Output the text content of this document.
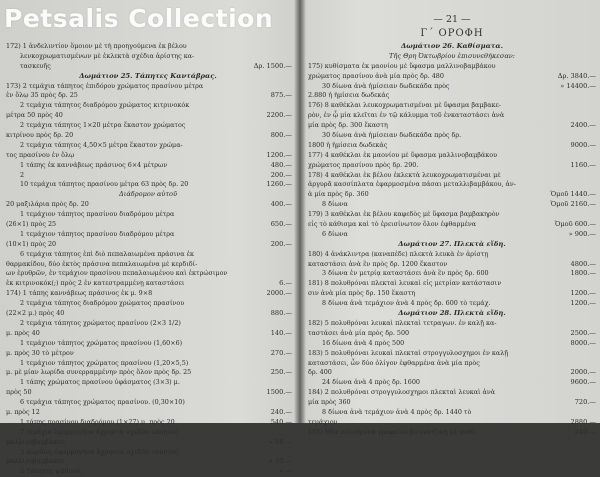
172) 1 ἀνδελιντίον ὅμοιον μὲ τὴ προηγούμενα ἐκ βέλου
λενκοχρωματισμένων μὲ ἐκλεκτὰ σχέδια ἀρίστης κα-
τασκευῆς	Δρ. 1500.—
Δωμάτιον 25. Τάπητες Καντάβρας.
173) 2 τεμάχια τάπητος ἐπιδόρου χρώματος πρασίνου μέτρα
ἐν ὅλῳ 35 πρὸς δρ. 25	875.—
2 τεμάχια τάπητος διαδρόμου χρώματος κιτρινοκόκ
μέτρα 50 πρὸς 40	2200.—
2 τεμάχια τάπητος 1×20 μέτρα ἕκαστον χρώματος
κιτρίνου πρὸς δρ. 20	800.—
2 τεμάχια τάπητος 4,50×5 μέτρα ἕκαστον χρώμα-
τος πρασίνου ἐν ὅλῳ	1200.—
1 τάπης ἐκ καννάβεως πράσινος 6×4 μέτρων	480.—
2	200.—
10 τεμάχια τάπητος πρασίνου μέτρα 63 πρὸς δρ. 20	1260.—
Διάδρομον αὐτοῦ
20 μαξιλάρια πρὸς δρ. 20	400.—
1 τεμάχιον τάπητος πρασίνου διαδρόμου μέτρα
(26×1) πρὸς 25	650.—
1 τεμάχιον τάπητος πρασίνου διαδρόμου μέτρα
(10×1) πρὸς 20	200.—
6 τεμάχια τάπητος ἐπὶ διὸ πεπαλαιωμένα πράσινα ἐκ
θαρμακίδου, δύο ἐκτὸς πράσινα πεπαλαιωμένα μὲ κερδιδί-
ων ἐρυθρῶν, ἐν τεμάχιον πρασίνου πεπαλαιωμένου καὶ ἐκτρώσιμον
ἐκ κιτρινοκόκ(;) πρὸς 2 ἐν κατεστραμμένῃ καταστάσει	6.—
174) 1 τάπης καννάβεως πράσινος ἐκ μ. 9×8	2000.—
2 τεμάχια τάπητος διαδρόμου χρώματος πρασίνου
(22×2 μ.) πρὸς 40	880.—
2 τεμάχια τάπητος χρώματος πρασίνου (2×3 1/2)
μ. πρὸς 40	140.—
1 τεμάχιον τάπητος χρώματος πρασίνου (1,60×6)
μ. πρὸς 30 τὸ μέτρον	270.—
1 τεμάχιον τάπητος χρώματος πρασίνου (1,20×5,5)
μ. μὲ μίαν λωρίδα συνερραμμένην πρὸς ὅλον πρὸς δρ. 25	250.—
1 τάπης χρώματος πρασίνου ὑφάσματος (3×3) μ.
πρὸς 50	1500.—
6 τεμάχια τάπητος χρώματος πρασίνου. (0,30×10)
μ. πρὸς 12	240.—
1 τάπης πρασίνου διαδρόμου (1×27) μ. πρὸς 20	540.—
7 τεμάχια ἐφαρμογῆνα ἄχρηστα σχεδὸν τάπητος
μαλλινοβαμβάκου	» 18.—
3 λωρίδες ἐφαρμογῆνα ἄχρηστα σχεδὸν τάπητος
μαλλινοβαμβάκου	» 10.—
2 Τάπητες ψάθινοι	» —
— 21 —
Γ΄ ΟΡΟΦΗ
Δωμάτιον 26. Καθίσματα.
Τῆς Θρη Ὀκτωβρίου ἐπισυνεθήκεσαν:
175) κυθίσματα ἐκ μαονίου μὲ ὕφασμα μαλλινοβαμβάκου
χρώματος πρασίνου ἀνὰ μία πρὸς δρ. 480	Δρ. 3840.—
30 δίωνα ἀνὰ ἡμίσειαν δωδεκάδα πρὸς	» 14400.—
2.880 ἡ ἡμίσεια δωδεκάς
176) 8 καθέκλαι λευκοχρωματισμέναι μὲ ὕφασμα βαμβακε-
ρὸν, ἐν ᾧ μία κλεῖται ἐν τῷ κάλυμμα τοῦ ἐνκαταστάσει ἀνὰ
μία πρὸς δρ. 300 ἕκαστη	2400.—
30 δίωνα ἀνὰ ἡμίσειαν δωδεκάδα πρὸς δρ.
1800 ἡ ἡμίσεια δωδεκάς	9000.—
177) 4 καθέκλαι ἐκ μαονίου μὲ ὕφασμα μαλλινοβαμβάκου
χρώματος πρασίνου πρὸς δρ. 290.	1160.—
178) 4 καθέκλαι ἐκ βέλου ἐκλεκτὰ λευκοχρωματισμέναι μὲ
ἀργυρᾶ κασσίπλατα ἐφαρμοσμένα πάσαι μεταλλιβαμβάκου, ἀν-
ὰ μία πρὸς δρ. 360	Ὁμοῦ 1440.—
8 δίωνα	Ὁμοῦ 2160.—
179) 3 καθέκλαι ἐκ βέλου καφεδὸς μὲ ὕφασμα βαμβακηρὸν
εἰς τὸ κάθισμα καὶ τὸ ἐρεισίνωτον ὅλον ἐφθαρμένα	Ὁμοῦ 600.—
6 δίωνα	» 900.—
Δωμάτιον 27. Πλεκτὰ εἴδη.
180) 4 ἀνάκλιντρα (καναπέδε) πλεκτὰ λευκὰ ἐν ἀρίστῃ
καταστάσει ἀνὰ ἓν πρὸς δρ. 1200 ἕκαστον	4800.—
3 δίωνα ἐν μετρίᾳ καταστάσει ἀνὰ ἓν πρὸς δρ. 600	1800.—
181) 8 πολυθρόναι πλεκταὶ λευκαὶ εἰς μετρίαν κατάστασιν
σιν ἀνὰ μία πρὸς δρ. 150 ἕκαστη	1200.—
8 δίωνα ἀνὰ τεμάχιον ἀνὰ 4 πρὸς δρ. 600 τὸ τεμάχ.	1200.—
Δωμάτιον 28. Πλεκτὰ εἴδη.
182) 5 πολυθρόναι λευκαὶ πλεκταὶ τετραγων. ἐν καλῇ κα-
ταστάσει ἀνὰ μία πρὸς δρ. 500	2500.—
16 δίωνα ἀνὰ 4 πρὸς 500	8000.—
183) 5 πολυθρόναι λευκαὶ πλεκταὶ στρογγυλοσχημοι ἐν καλῇ
καταστάσει, ὧν δύο ὀλίγον ἐφθαρμένα ἀνὰ μία πρὸς
δρ. 400	2000.—
24 δίωνα ἀνὰ 4 πρὸς δρ. 1600	9600.—
184) 2 πολυθρόναι στρογγυλοσχημοι πλεκταὶ λευκαὶ ἀνὰ
μία πρὸς 360	720.—
8 δίωνα ἀνὰ τεμάχιον ἀνὰ 4 πρὸς δρ. 1440 τὸ
τεμάχιον	2880.—
185) Μία πολυθρόνα γραφείου βιενναίζικη μὲ ψαθί	240.—
Petsalis Collection
